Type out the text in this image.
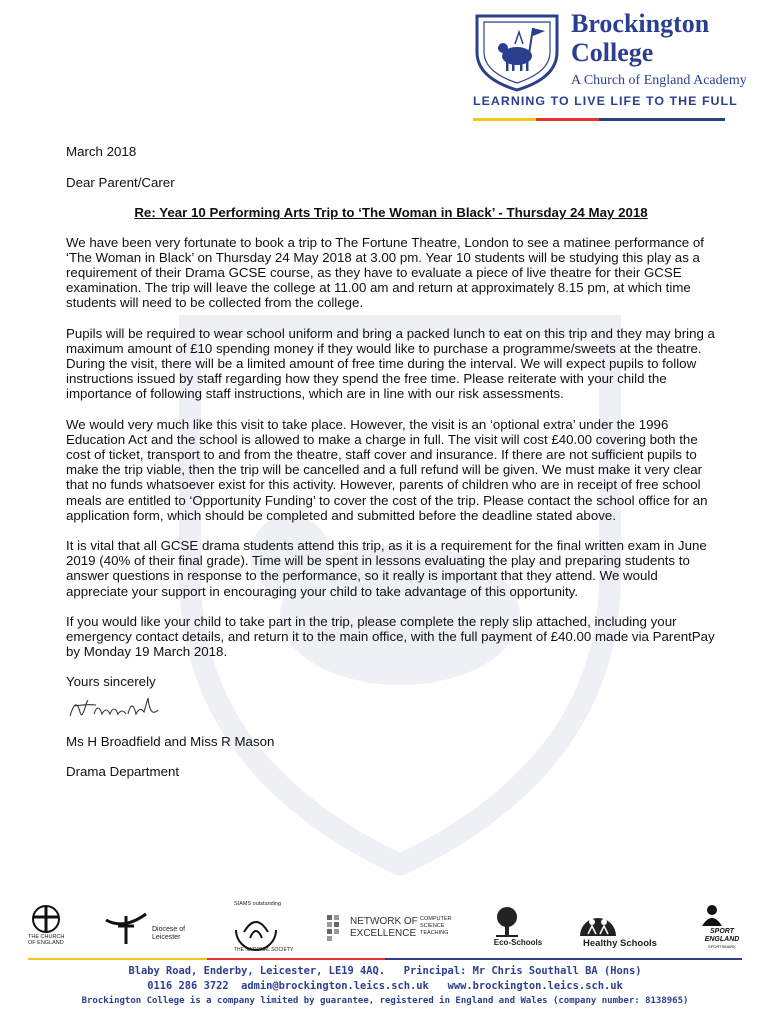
Brockington
College

A Church of England Academy

LEARNING TO LIVE LIFE TO THE FULL

March 2018

Dear Parent/Carer

Re: Year 10 Performing Arts Trip to ‘The Woman in Black’ - Thursday 24 May 2018

We have been very fortunate to book a trip to The Fortune Theatre, London to see a matinee performance of ‘The Woman in Black’ on Thursday 24 May 2018 at 3.00 pm. Year 10 students will be studying this play as a requirement of their Drama GCSE course, as they have to evaluate a piece of live theatre for their GCSE examination. The trip will leave the college at 11.00 am and return at approximately 8.15 pm, at which time students will need to be collected from the college.

Pupils will be required to wear school uniform and bring a packed lunch to eat on this trip and they may bring a maximum amount of £10 spending money if they would like to purchase a programme/sweets at the theatre. During the visit, there will be a limited amount of free time during the interval. We will expect pupils to follow instructions issued by staff regarding how they spend the free time. Please reiterate with your child the importance of following staff instructions, which are in line with our risk assessments.

We would very much like this visit to take place. However, the visit is an ‘optional extra’ under the 1996 Education Act and the school is allowed to make a charge in full. The visit will cost £40.00 covering both the cost of ticket, transport to and from the theatre, staff cover and insurance. If there are not sufficient pupils to make the trip viable, then the trip will be cancelled and a full refund will be given. We must make it very clear that no funds whatsoever exist for this activity. However, parents of children who are in receipt of free school meals are entitled to ‘Opportunity Funding’ to cover the cost of the trip. Please contact the school office for an application form, which should be completed and submitted before the deadline stated above.

It is vital that all GCSE drama students attend this trip, as it is a requirement for the final written exam in June 2019 (40% of their final grade). Time will be spent in lessons evaluating the play and preparing students to answer questions in response to the performance, so it really is important that they attend. We would appreciate your support in encouraging your child to take advantage of this opportunity.

If you would like your child to take part in the trip, please complete the reply slip attached, including your emergency contact details, and return it to the main office, with the full payment of £40.00 made via ParentPay by Monday 19 March 2018.

Yours sincerely

Ms H Broadfield and Miss R Mason

Drama Department

THE CHURCH OF ENGLAND
Diocese of Leicester
SIAMS outstanding
THE NATIONAL SOCIETY
NETWORK OF
EXCELLENCE
COMPUTER
SCIENCE
TEACHING
Eco-Schools	Healthy Schools
SPORT
ENGLAND
SPORTSMARK

Blaby Road, Enderby, Leicester, LE19 4AQ. Principal: Mr Chris Southall BA (Hons)

0116 286 3722 admin@brockington.leics.sch.uk www.brockington.leics.sch.uk

Brockington College is a company limited by guarantee, registered in England and Wales (company number: 8138965)
